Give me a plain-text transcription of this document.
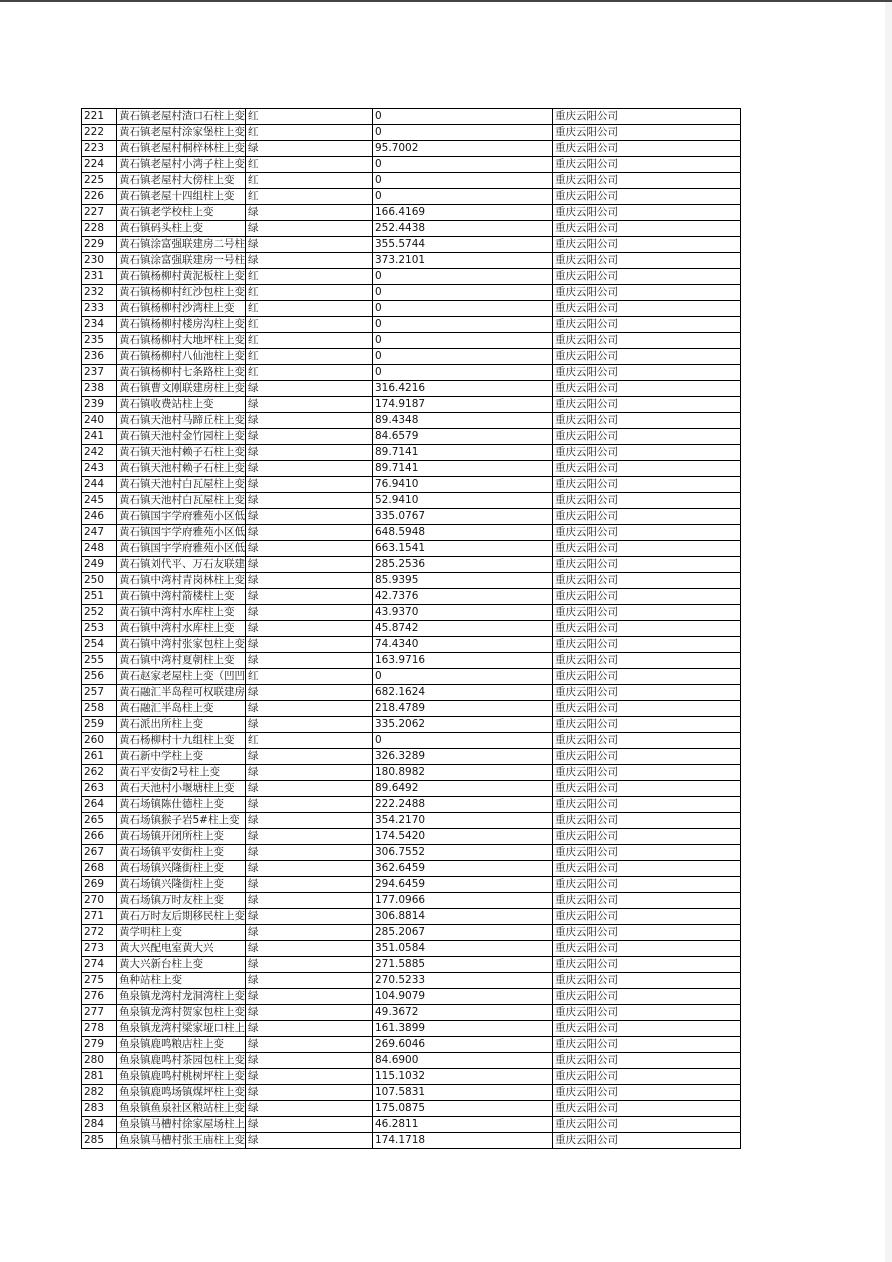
221	黄石镇老屋村渣口石柱上变	红	0	重庆云阳公司
222	黄石镇老屋村涂家堡柱上变	红	0	重庆云阳公司
223	黄石镇老屋村桐梓林柱上变	绿	95.7002	重庆云阳公司
224	黄石镇老屋村小湾子柱上变	红	0	重庆云阳公司
225	黄石镇老屋村大傍柱上变	红	0	重庆云阳公司
226	黄石镇老屋十四组柱上变	红	0	重庆云阳公司
227	黄石镇老学校柱上变	绿	166.4169	重庆云阳公司
228	黄石镇码头柱上变	绿	252.4438	重庆云阳公司
229	黄石镇涂富强联建房二号柱	绿	355.5744	重庆云阳公司
230	黄石镇涂富强联建房一号柱	绿	373.2101	重庆云阳公司
231	黄石镇杨柳村黄泥板柱上变	红	0	重庆云阳公司
232	黄石镇杨柳村红沙包柱上变	红	0	重庆云阳公司
233	黄石镇杨柳村沙湾柱上变	红	0	重庆云阳公司
234	黄石镇杨柳村楼房沟柱上变	红	0	重庆云阳公司
235	黄石镇杨柳村大地坪柱上变	红	0	重庆云阳公司
236	黄石镇杨柳村八仙池柱上变	红	0	重庆云阳公司
237	黄石镇杨柳村七条路柱上变	红	0	重庆云阳公司
238	黄石镇曹文刚联建房柱上变	绿	316.4216	重庆云阳公司
239	黄石镇收费站柱上变	绿	174.9187	重庆云阳公司
240	黄石镇天池村马蹄丘柱上变	绿	89.4348	重庆云阳公司
241	黄石镇天池村金竹园柱上变	绿	84.6579	重庆云阳公司
242	黄石镇天池村赖子石柱上变	绿	89.7141	重庆云阳公司
243	黄石镇天池村赖子石柱上变	绿	89.7141	重庆云阳公司
244	黄石镇天池村白瓦屋柱上变	绿	76.9410	重庆云阳公司
245	黄石镇天池村白瓦屋柱上变	绿	52.9410	重庆云阳公司
246	黄石镇国宇学府雅苑小区低	绿	335.0767	重庆云阳公司
247	黄石镇国宇学府雅苑小区低	绿	648.5948	重庆云阳公司
248	黄石镇国宇学府雅苑小区低	绿	663.1541	重庆云阳公司
249	黄石镇刘代平、万石友联建	绿	285.2536	重庆云阳公司
250	黄石镇中湾村青岗林柱上变	绿	85.9395	重庆云阳公司
251	黄石镇中湾村箭楼柱上变	绿	42.7376	重庆云阳公司
252	黄石镇中湾村水库柱上变	绿	43.9370	重庆云阳公司
253	黄石镇中湾村水库柱上变	绿	45.8742	重庆云阳公司
254	黄石镇中湾村张家包柱上变	绿	74.4340	重庆云阳公司
255	黄石镇中湾村夏朝柱上变	绿	163.9716	重庆云阳公司
256	黄石赵家老屋柱上变（凹凹	红	0	重庆云阳公司
257	黄石融汇半岛程可权联建房	绿	682.1624	重庆云阳公司
258	黄石融汇半岛柱上变	绿	218.4789	重庆云阳公司
259	黄石派出所柱上变	绿	335.2062	重庆云阳公司
260	黄石杨柳村十九组柱上变	红	0	重庆云阳公司
261	黄石新中学柱上变	绿	326.3289	重庆云阳公司
262	黄石平安街2号柱上变	绿	180.8982	重庆云阳公司
263	黄石天池村小堰塘柱上变	绿	89.6492	重庆云阳公司
264	黄石场镇陈仕德柱上变	绿	222.2488	重庆云阳公司
265	黄石场镇猴子岩5#柱上变	绿	354.2170	重庆云阳公司
266	黄石场镇开闭所柱上变	绿	174.5420	重庆云阳公司
267	黄石场镇平安街柱上变	绿	306.7552	重庆云阳公司
268	黄石场镇兴隆街柱上变	绿	362.6459	重庆云阳公司
269	黄石场镇兴隆街柱上变	绿	294.6459	重庆云阳公司
270	黄石场镇万时友柱上变	绿	177.0966	重庆云阳公司
271	黄石万时友后期移民柱上变	绿	306.8814	重庆云阳公司
272	黄学明柱上变	绿	285.2067	重庆云阳公司
273	黄大兴配电室黄大兴	绿	351.0584	重庆云阳公司
274	黄大兴新台柱上变	绿	271.5885	重庆云阳公司
275	鱼种站柱上变	绿	270.5233	重庆云阳公司
276	鱼泉镇龙湾村龙洞湾柱上变	绿	104.9079	重庆云阳公司
277	鱼泉镇龙湾村贺家包柱上变	绿	49.3672	重庆云阳公司
278	鱼泉镇龙湾村梁家垭口柱上	绿	161.3899	重庆云阳公司
279	鱼泉镇鹿鸣粮店柱上变	绿	269.6046	重庆云阳公司
280	鱼泉镇鹿鸣村茶园包柱上变	绿	84.6900	重庆云阳公司
281	鱼泉镇鹿鸣村桃树坪柱上变	绿	115.1032	重庆云阳公司
282	鱼泉镇鹿鸣场镇煤坪柱上变	绿	107.5831	重庆云阳公司
283	鱼泉镇鱼泉社区粮站柱上变	绿	175.0875	重庆云阳公司
284	鱼泉镇马槽村徐家屋场柱上	绿	46.2811	重庆云阳公司
285	鱼泉镇马槽村张王庙柱上变	绿	174.1718	重庆云阳公司
